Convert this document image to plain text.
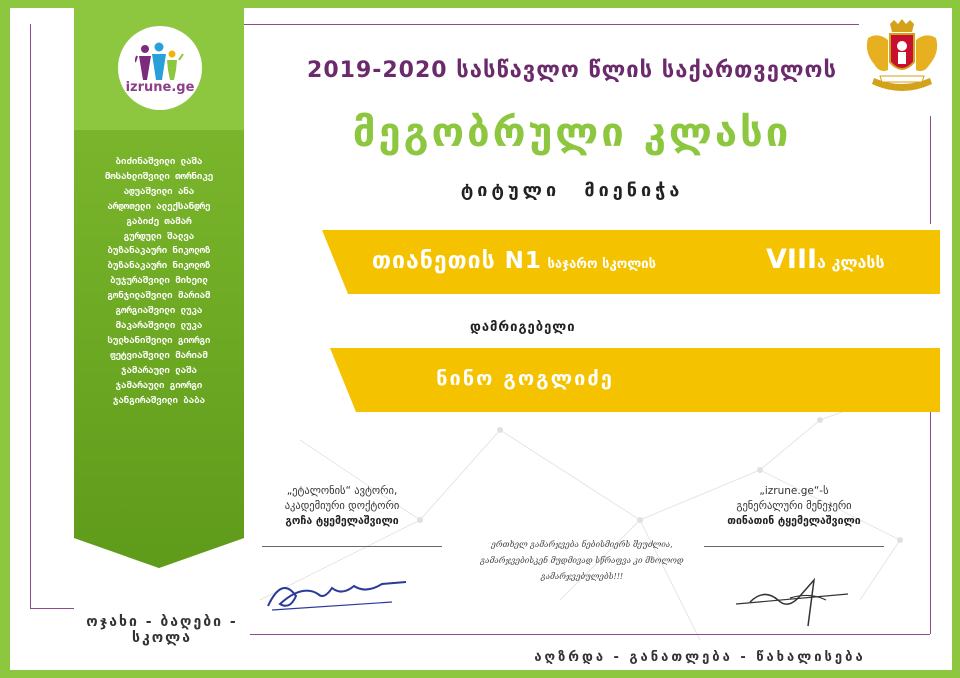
izrune.ge
ბიძინაშვილი ლაშა
მოსახლიშვილი თორნიკე
ადუაშვილი ანა
არდოთელი ალექსანდრე
გაბიძე თამარ
გურდული შალვა
ბუზანაკაური ნიკოლოზ
ბუზანაკაური ნიკოლოზ
ბუჯურაშვილი მიხეილ
გონჯილაშვილი მარიამ
გორგიაშვილი ლუკა
მაკარაშვილი ლუკა
სულხანიშვილი გიორგი
ფეტვიაშვილი მარიამ
ჯამარაული ლაშა
ჯამარაული გიორგი
ჯანგირაშვილი ბაბა
2019-2020 სასწავლო წლის საქართველოს
მეგობრული კლასი
ტიტული მიენიჭა
თიანეთის N1 საჯარო სკოლის	VIIIა კლასს
დამრიგებელი
ნინო გოგლიძე
„ეტალონის“ ავტორი,
აკადემიური დოქტორი
გოჩა ტყემელაშვილი
„izrune.ge“-ს
გენერალური მენეჯერი
თინათინ ტყემელაშვილი
ერთხელ გამარჯვება ნებისმიერს შეუძლია,
გამარჯვებისკენ მუდმივად სწრაფვა კი მხოლოდ გამარჯვებულებს!!!
ოჯახი - ბაღები - სკოლა
აღზრდა - განათლება - წახალისება
